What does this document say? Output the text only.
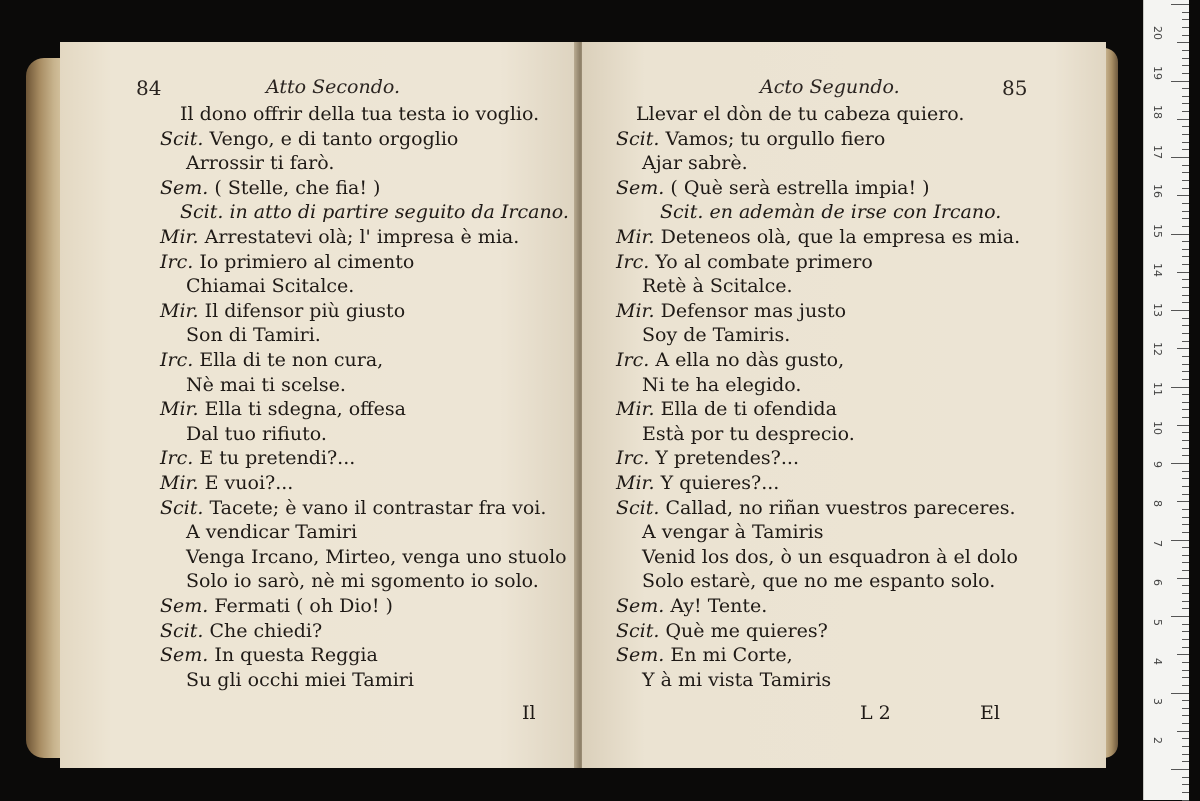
84	Atto Secondo.
Il dono offrir della tua testa io voglio.
Scit. Vengo, e di tanto orgoglio
Arrossir ti farò.
Sem. ( Stelle, che fia! )
Scit. in atto di partire seguito da Ircano.
Mir. Arrestatevi olà; l' impresa è mia.
Irc. Io primiero al cimento
Chiamai Scitalce.
Mir. Il difensor più giusto
Son di Tamiri.
Irc. Ella di te non cura,
Nè mai ti scelse.
Mir. Ella ti sdegna, offesa
Dal tuo rifiuto.
Irc. E tu pretendi?...
Mir. E vuoi?...
Scit. Tacete; è vano il contrastar fra voi.
A vendicar Tamiri
Venga Ircano, Mirteo, venga uno stuolo
Solo io sarò, nè mi sgomento io solo.
Sem. Fermati ( oh Dio! )
Scit. Che chiedi?
Sem. In questa Reggia
Su gli occhi miei Tamiri
Il
Acto Segundo.	85
Llevar el dòn de tu cabeza quiero.
Scit. Vamos; tu orgullo fiero
Ajar sabrè.
Sem. ( Què serà estrella impia! )
Scit. en ademàn de irse con Ircano.
Mir. Deteneos olà, que la empresa es mia.
Irc. Yo al combate primero
Retè à Scitalce.
Mir. Defensor mas justo
Soy de Tamiris.
Irc. A ella no dàs gusto,
Ni te ha elegido.
Mir. Ella de ti ofendida
Està por tu desprecio.
Irc. Y pretendes?...
Mir. Y quieres?...
Scit. Callad, no riñan vuestros pareceres.
A vengar à Tamiris
Venid los dos, ò un esquadron à el dolo
Solo estarè, que no me espanto solo.
Sem. Ay! Tente.
Scit. Què me quieres?
Sem. En mi Corte,
Y à mi vista Tamiris
L 2	El
20
19
18
17
16
15
14
13
12
11
10
9
8
7
6
5
4
3
2
